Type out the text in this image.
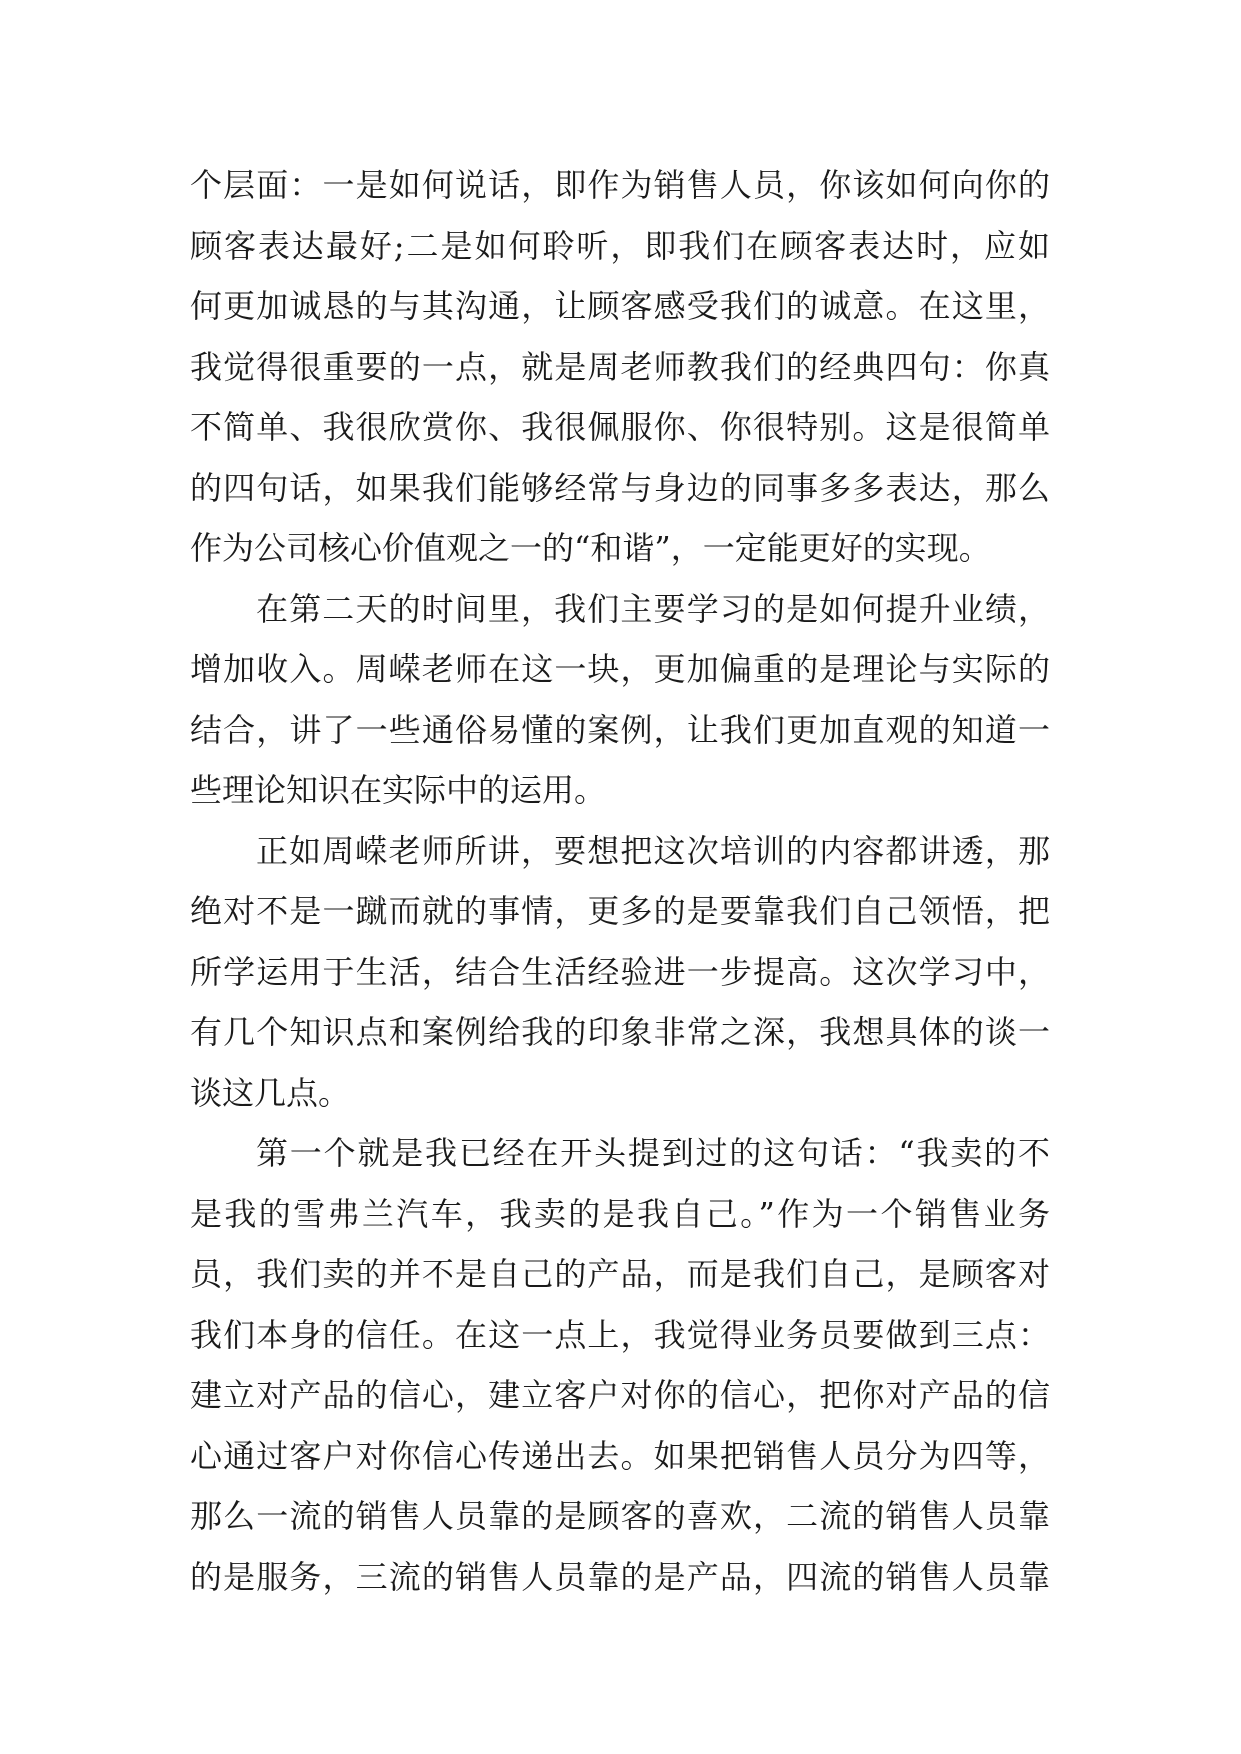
个层面：一是如何说话，即作为销售人员，你该如何向你的
顾客表达最好;二是如何聆听，即我们在顾客表达时，应如
何更加诚恳的与其沟通，让顾客感受我们的诚意。在这里，
我觉得很重要的一点，就是周老师教我们的经典四句：你真
不简单、我很欣赏你、我很佩服你、你很特别。这是很简单
的四句话，如果我们能够经常与身边的同事多多表达，那么
作为公司核心价值观之一的“和谐”，一定能更好的实现。
在第二天的时间里，我们主要学习的是如何提升业绩，
增加收入。周嵘老师在这一块，更加偏重的是理论与实际的
结合，讲了一些通俗易懂的案例，让我们更加直观的知道一
些理论知识在实际中的运用。
正如周嵘老师所讲，要想把这次培训的内容都讲透，那
绝对不是一蹴而就的事情，更多的是要靠我们自己领悟，把
所学运用于生活，结合生活经验进一步提高。这次学习中，
有几个知识点和案例给我的印象非常之深，我想具体的谈一
谈这几点。
第一个就是我已经在开头提到过的这句话：“我卖的不
是我的雪弗兰汽车，我卖的是我自己。”作为一个销售业务
员，我们卖的并不是自己的产品，而是我们自己，是顾客对
我们本身的信任。在这一点上，我觉得业务员要做到三点：
建立对产品的信心，建立客户对你的信心，把你对产品的信
心通过客户对你信心传递出去。如果把销售人员分为四等，
那么一流的销售人员靠的是顾客的喜欢，二流的销售人员靠
的是服务，三流的销售人员靠的是产品，四流的销售人员靠
